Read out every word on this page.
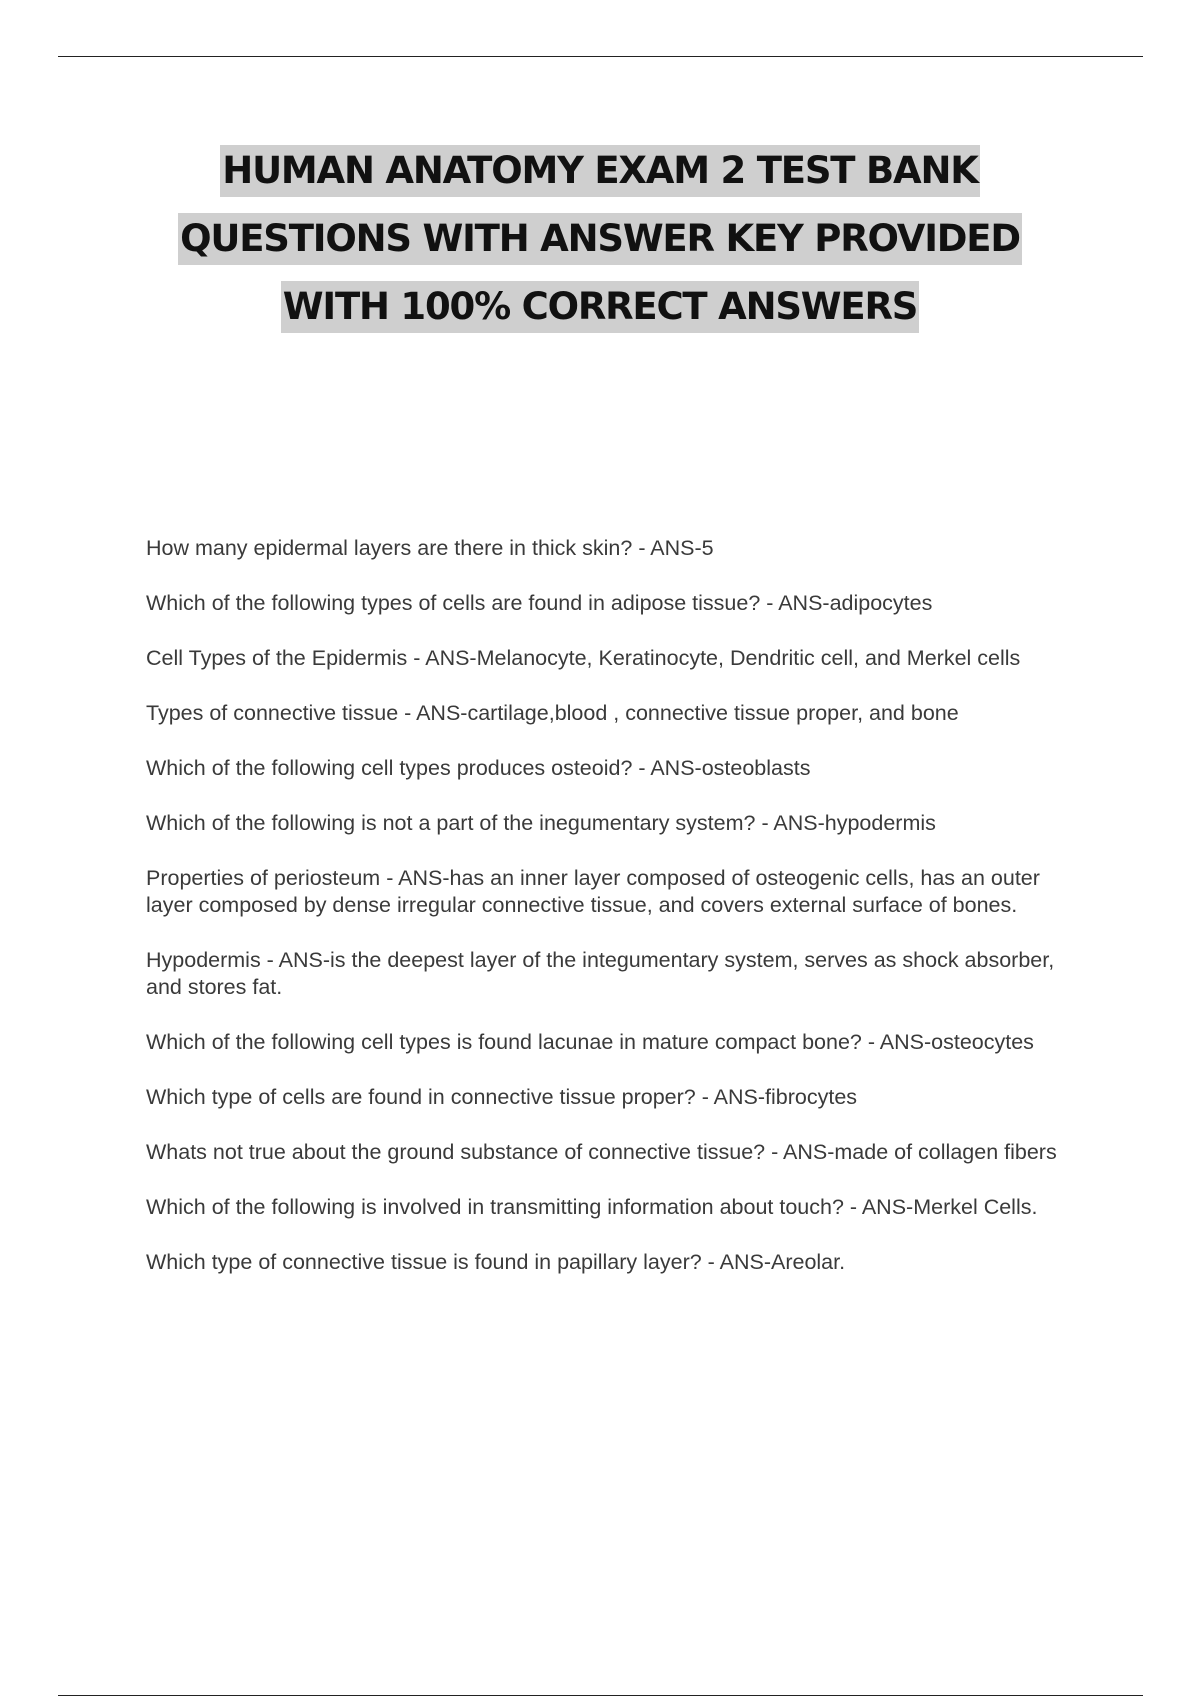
HUMAN ANATOMY EXAM 2 TEST BANK
QUESTIONS WITH ANSWER KEY PROVIDED
WITH 100% CORRECT ANSWERS
How many epidermal layers are there in thick skin? - ANS-5
Which of the following types of cells are found in adipose tissue? - ANS-adipocytes
Cell Types of the Epidermis - ANS-Melanocyte, Keratinocyte, Dendritic cell, and Merkel cells
Types of connective tissue - ANS-cartilage,blood , connective tissue proper, and bone
Which of the following cell types produces osteoid? - ANS-osteoblasts
Which of the following is not a part of the inegumentary system? - ANS-hypodermis
Properties of periosteum - ANS-has an inner layer composed of osteogenic cells, has an outer layer composed by dense irregular connective tissue, and covers external surface of bones.
Hypodermis - ANS-is the deepest layer of the integumentary system, serves as shock absorber, and stores fat.
Which of the following cell types is found lacunae in mature compact bone? - ANS-osteocytes
Which type of cells are found in connective tissue proper? - ANS-fibrocytes
Whats not true about the ground substance of connective tissue? - ANS-made of collagen fibers
Which of the following is involved in transmitting information about touch? - ANS-Merkel Cells.
Which type of connective tissue is found in papillary layer? - ANS-Areolar.
